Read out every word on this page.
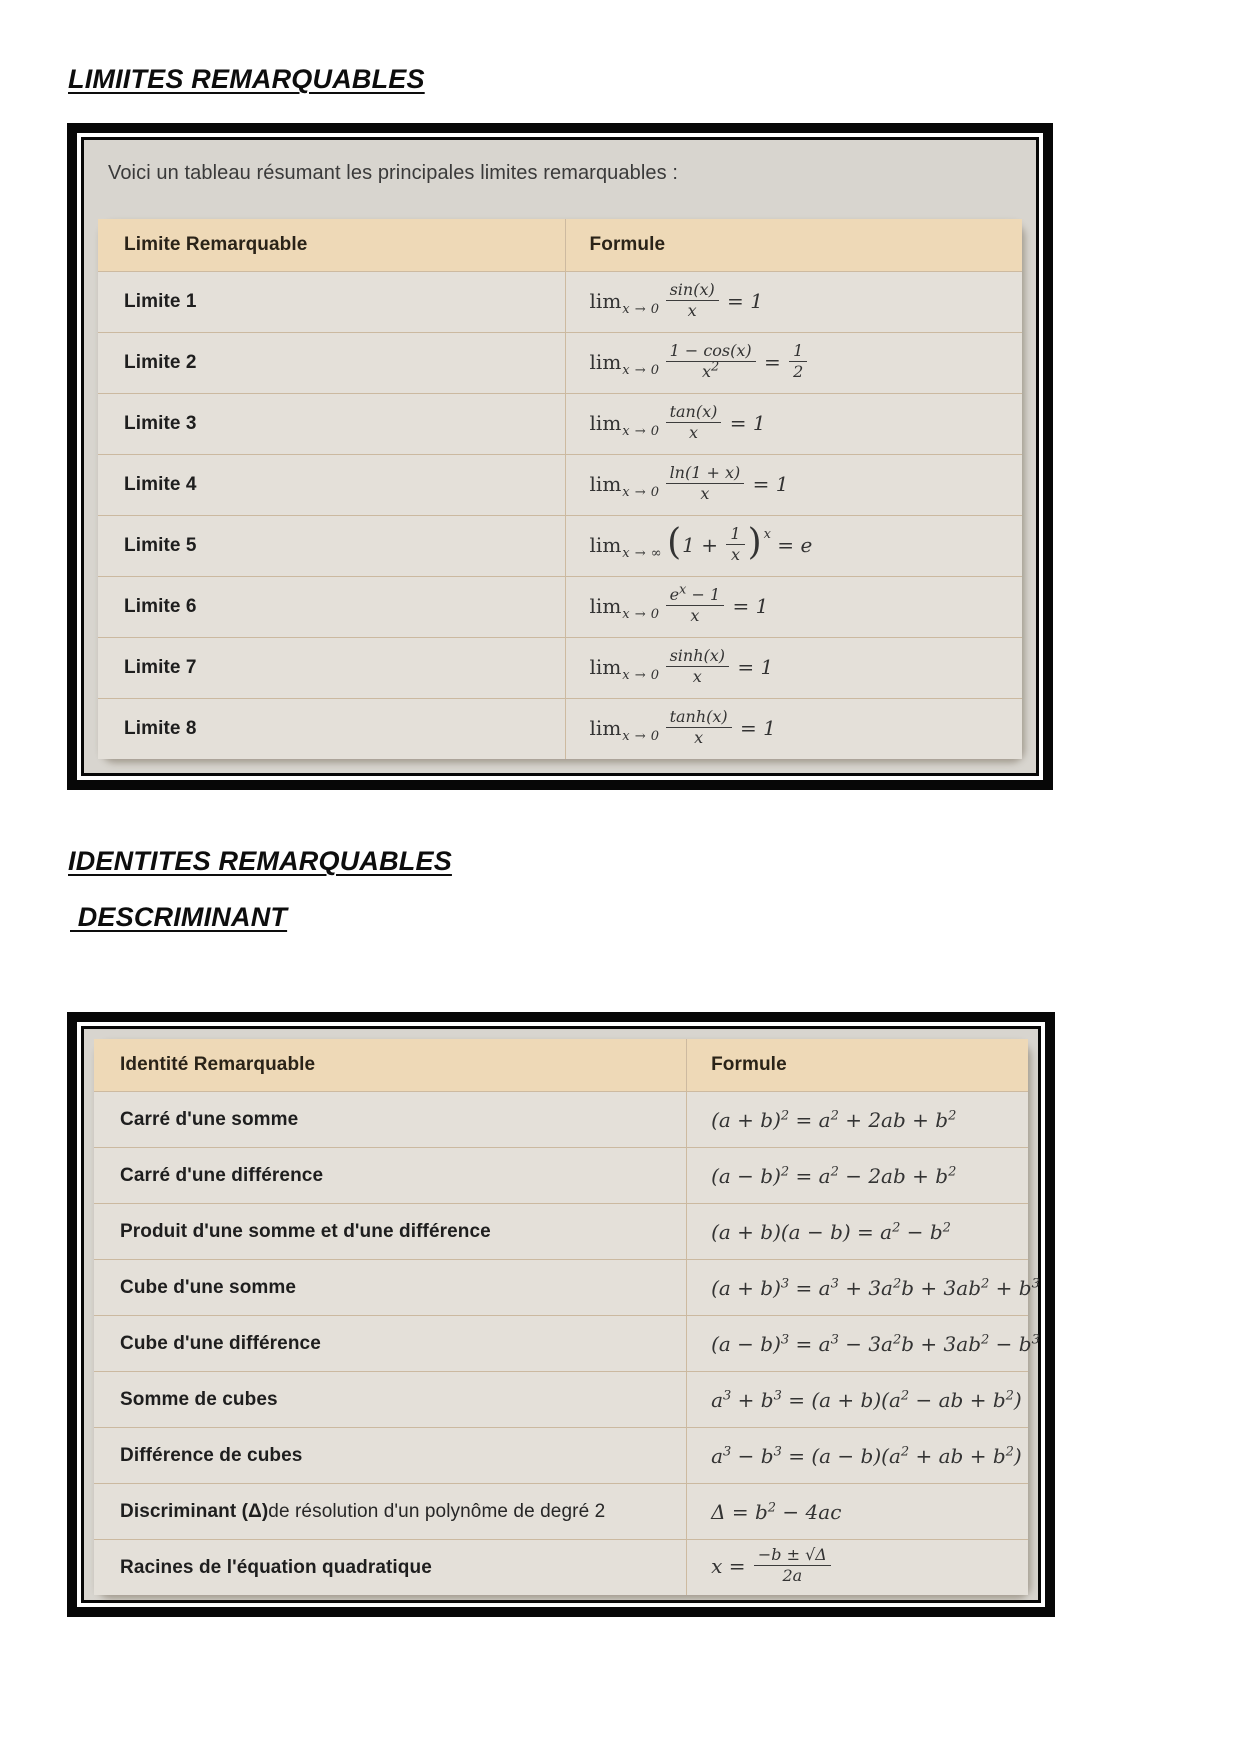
LIMIITES REMARQUABLES

Voici un tableau résumant les principales limites remarquables :

Limite Remarquable	Formule
Limite 1	$\lim_{x \to 0} \frac{\sin(x)}{x} = 1$
Limite 2	$\lim_{x \to 0} \frac{1 - \cos(x)}{x^2} = \frac{1}{2}$
Limite 3	$\lim_{x \to 0} \frac{\tan(x)}{x} = 1$
Limite 4	$\lim_{x \to 0} \frac{\ln(1 + x)}{x} = 1$
Limite 5	$\lim_{x \to \infty} (1 + \frac{1}{x}$ ) $^x$ = e
Limite 6	$\lim_{x \to 0} \frac{e^x - 1}{x} = 1$
Limite 7	$\lim_{x \to 0} \frac{\sinh(x)}{x} = 1$
Limite 8	$\lim_{x \to 0} \frac{\tanh(x)}{x} = 1$
IDENTITES REMARQUABLES
DESCRIMINANT
Identité Remarquable	Formule
Carré d'une somme	$(a + b)^2 = a^2 + 2ab + b^2$
Carré d'une différence	$(a - b)^2 = a^2 - 2ab + b^2$
Produit d'une somme et d'une différence	$(a + b)(a - b) = a^2 - b^2$
Cube d'une somme	$(a + b)^3 = a^3 + 3a^2b + 3ab^2 + b^3$
Cube d'une différence	$(a - b)^3 = a^3 - 3a^2b + 3ab^2 - b^3$
Somme de cubes	$a^3 + b^3 = (a + b)(a^2$ − ab + $b^2$)
Différence de cubes	$a^3 - b^3 = (a - b)(a^2$ + ab + $b^2$)
Discriminant (Δ) de résolution d'un polynôme de degré 2	$\Delta = b^2 - 4ac$
Racines de l'équation quadratique	$x = \frac{-b \pm √\Delta}{2a}$
